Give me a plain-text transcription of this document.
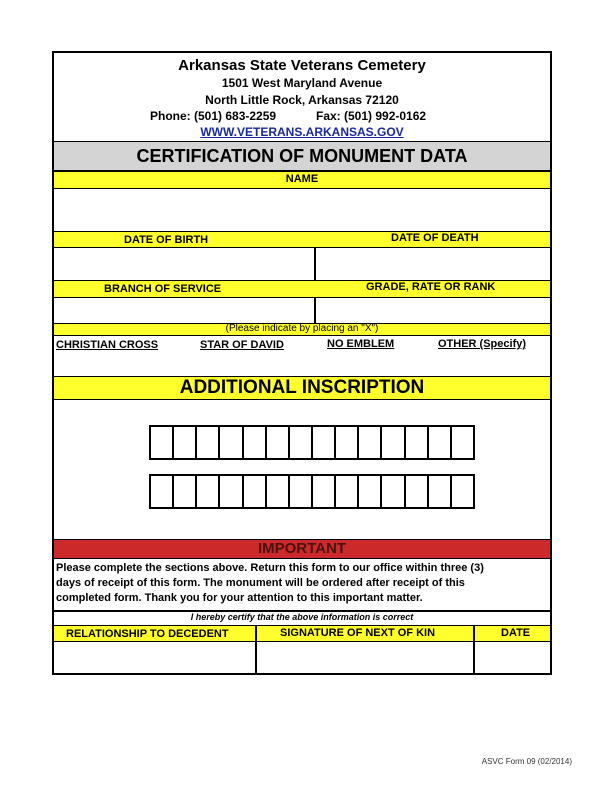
Arkansas State Veterans Cemetery
1501 West Maryland Avenue
North Little Rock, Arkansas 72120
Phone: (501) 683-2259	Fax: (501) 992-0162
WWW.VETERANS.ARKANSAS.GOV
CERTIFICATION OF MONUMENT DATA
NAME
DATE OF BIRTH	DATE OF DEATH
BRANCH OF SERVICE	GRADE, RATE OR RANK
(Please indicate by placing an "X")
CHRISTIAN CROSS	STAR OF DAVID	NO EMBLEM	OTHER (Specify)
ADDITIONAL INSCRIPTION
IMPORTANT
Please complete the sections above. Return this form to our office within three (3)
days of receipt of this form. The monument will be ordered after receipt of this
completed form. Thank you for your attention to this important matter.
I hereby certify that the above information is correct
RELATIONSHIP TO DECEDENT	SIGNATURE OF NEXT OF KIN	DATE
ASVC Form 09 (02/2014)
